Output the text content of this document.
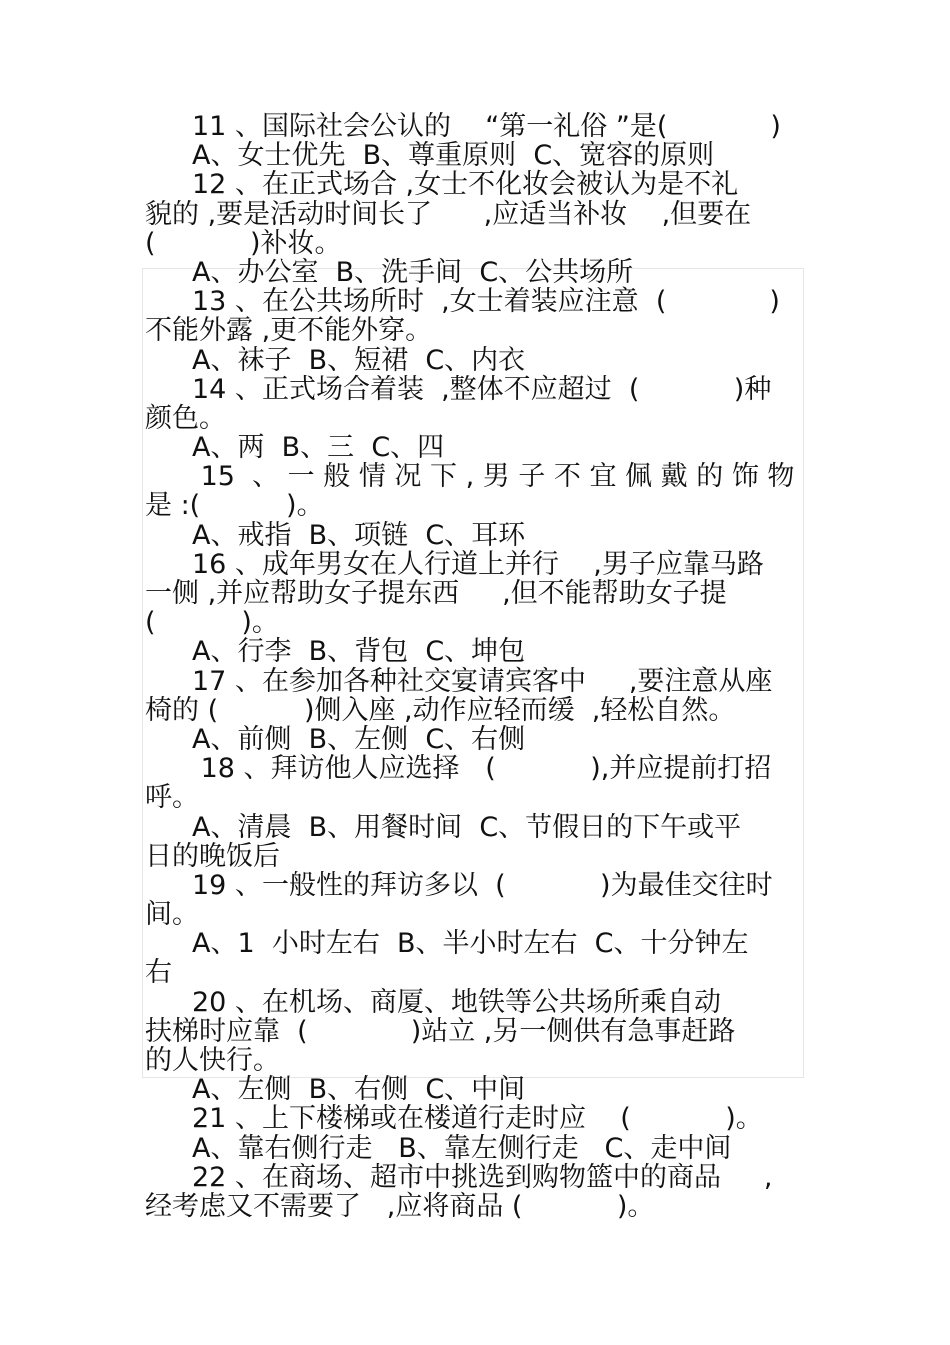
11 、国际社会公认的    “第一礼俗 ”是(            )
A、女士优先  B、尊重原则  C、宽容的原则
12 、在正式场合 ,女士不化妆会被认为是不礼
貌的 ,要是活动时间长了      ,应适当补妆    ,但要在
(           )补妆。
A、办公室  B、洗手间  C、公共场所
13 、在公共场所时  ,女士着装应注意  (            )
不能外露 ,更不能外穿。
A、袜子  B、短裙  C、内衣
14 、正式场合着装  ,整体不应超过  (           )种
颜色。
A、两  B、三  C、四
15  、 一 般 情 况 下 , 男 子 不 宜 佩 戴 的 饰 物
是 :(          )。
A、戒指  B、项链  C、耳环
16 、成年男女在人行道上并行    ,男子应靠马路
一侧 ,并应帮助女子提东西     ,但不能帮助女子提
(          )。
A、行李  B、背包  C、坤包
17 、在参加各种社交宴请宾客中     ,要注意从座
椅的 (          )侧入座 ,动作应轻而缓  ,轻松自然。
A、前侧  B、左侧  C、右侧
18 、拜访他人应选择   (           ),并应提前打招
呼。
A、清晨  B、用餐时间  C、节假日的下午或平
日的晚饭后
19 、一般性的拜访多以  (           )为最佳交往时
间。
A、1  小时左右  B、半小时左右  C、十分钟左
右
20 、在机场、商厦、地铁等公共场所乘自动
扶梯时应靠  (            )站立 ,另一侧供有急事赶路
的人快行。
A、左侧  B、右侧  C、中间
21 、上下楼梯或在楼道行走时应    (           )。
A、靠右侧行走   B、靠左侧行走   C、走中间
22 、在商场、超市中挑选到购物篮中的商品     ,
经考虑又不需要了   ,应将商品 (           )。
